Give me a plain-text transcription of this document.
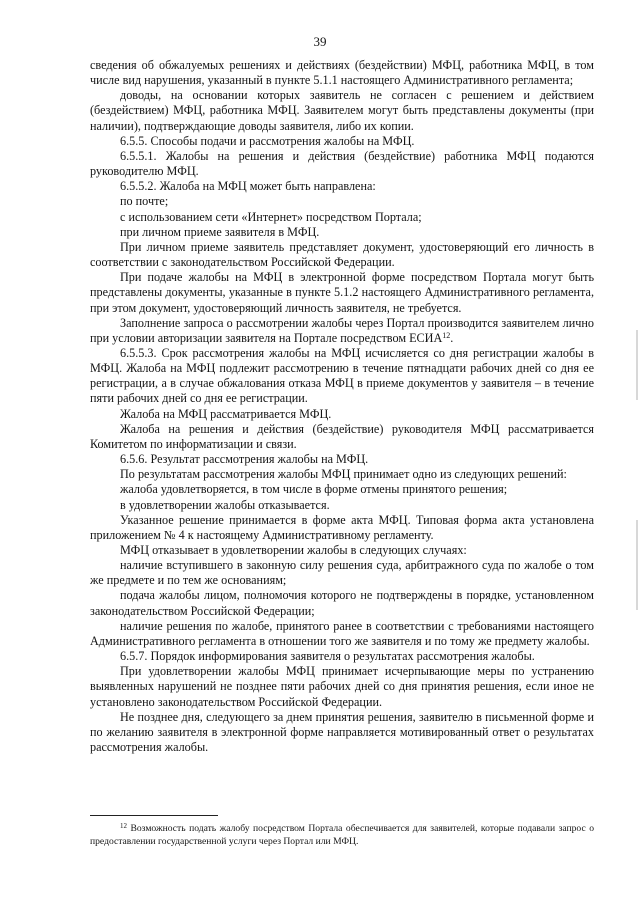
39

сведения об обжалуемых решениях и действиях (бездействии) МФЦ, работника МФЦ, в том числе вид нарушения, указанный в пункте 5.1.1 настоящего Административного регламента;

доводы, на основании которых заявитель не согласен с решением и действием (бездействием) МФЦ, работника МФЦ. Заявителем могут быть представлены документы (при наличии), подтверждающие доводы заявителя, либо их копии.

6.5.5. Способы подачи и рассмотрения жалобы на МФЦ.

6.5.5.1. Жалобы на решения и действия (бездействие) работника МФЦ подаются руководителю МФЦ.

6.5.5.2. Жалоба на МФЦ может быть направлена:

по почте;

с использованием сети «Интернет» посредством Портала;

при личном приеме заявителя в МФЦ.

При личном приеме заявитель представляет документ, удостоверяющий его личность в соответствии с законодательством Российской Федерации.

При подаче жалобы на МФЦ в электронной форме посредством Портала могут быть представлены документы, указанные в пункте 5.1.2 настоящего Административного регламента, при этом документ, удостоверяющий личность заявителя, не требуется.

Заполнение запроса о рассмотрении жалобы через Портал производится заявителем лично при условии авторизации заявителя на Портале посредством ЕСИА$^{12}$.

6.5.5.3. Срок рассмотрения жалобы на МФЦ исчисляется со дня регистрации жалобы в МФЦ. Жалоба на МФЦ подлежит рассмотрению в течение пятнадцати рабочих дней со дня ее регистрации, а в случае обжалования отказа МФЦ в приеме документов у заявителя – в течение пяти рабочих дней со дня ее регистрации.

Жалоба на МФЦ рассматривается МФЦ.

Жалоба на решения и действия (бездействие) руководителя МФЦ рассматривается Комитетом по информатизации и связи.

6.5.6. Результат рассмотрения жалобы на МФЦ.

По результатам рассмотрения жалобы МФЦ принимает одно из следующих решений:

жалоба удовлетворяется, в том числе в форме отмены принятого решения;

в удовлетворении жалобы отказывается.

Указанное решение принимается в форме акта МФЦ. Типовая форма акта установлена приложением № 4 к настоящему Административному регламенту.

МФЦ отказывает в удовлетворении жалобы в следующих случаях:

наличие вступившего в законную силу решения суда, арбитражного суда по жалобе о том же предмете и по тем же основаниям;

подача жалобы лицом, полномочия которого не подтверждены в порядке, установленном законодательством Российской Федерации;

наличие решения по жалобе, принятого ранее в соответствии с требованиями настоящего Административного регламента в отношении того же заявителя и по тому же предмету жалобы.

6.5.7. Порядок информирования заявителя о результатах рассмотрения жалобы.

При удовлетворении жалобы МФЦ принимает исчерпывающие меры по устранению выявленных нарушений не позднее пяти рабочих дней со дня принятия решения, если иное не установлено законодательством Российской Федерации.

Не позднее дня, следующего за днем принятия решения, заявителю в письменной форме и по желанию заявителя в электронной форме направляется мотивированный ответ о результатах рассмотрения жалобы.

$^{12}$ Возможность подать жалобу посредством Портала обеспечивается для заявителей, которые подавали запрос о предоставлении государственной услуги через Портал или МФЦ.
